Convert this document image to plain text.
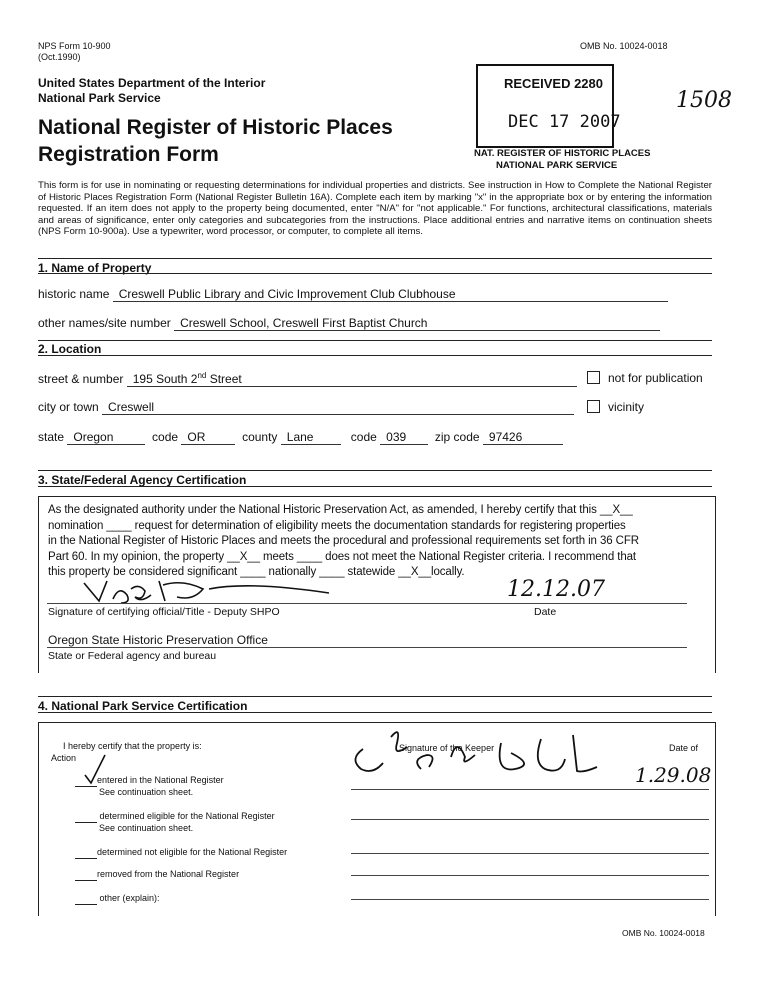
NPS Form 10-900
(Oct.1990)
OMB No. 10024-0018
United States Department of the Interior
National Park Service
National Register of Historic Places
Registration Form
1508
RECEIVED 2280
DEC 17 2007
NAT. REGISTER OF HISTORIC PLACES
NATIONAL PARK SERVICE
This form is for use in nominating or requesting determinations for individual properties and districts. See instruction in How to Complete the National Register of Historic Places Registration Form (National Register Bulletin 16A). Complete each item by marking "x" in the appropriate box or by entering the information requested. If an item does not apply to the property being documented, enter "N/A" for "not applicable." For functions, architectural classifications, materials and areas of significance, enter only categories and subcategories from the instructions. Place additional entries and narrative items on continuation sheets (NPS Form 10-900a). Use a typewriter, word processor, or computer, to complete all items.
1. Name of Property
historic name Creswell Public Library and Civic Improvement Club Clubhouse
other names/site number Creswell School, Creswell First Baptist Church
2. Location
street & number 195 South 2nd Street	not for publication
city or town Creswell	vicinity
state Oregon	code OR	county Lane	code 039 zip code 97426
3. State/Federal Agency Certification
As the designated authority under the National Historic Preservation Act, as amended, I hereby certify that this __X__
nomination ____ request for determination of eligibility meets the documentation standards for registering properties
in the National Register of Historic Places and meets the procedural and professional requirements set forth in 36 CFR
Part 60. In my opinion, the property __X__ meets ____ does not meet the National Register criteria. I recommend that
this property be considered significant ____ nationally ____ statewide __X__locally.
12.12.07
Signature of certifying official/Title - Deputy SHPO	Date
Oregon State Historic Preservation Office
State or Federal agency and bureau
4. National Park Service Certification
I hereby certify that the property is:
Action
Signature of the Keeper	Date of
1.29.08
entered in the National Register
See continuation sheet.
determined eligible for the National Register
See continuation sheet.
determined not eligible for the National Register
removed from the National Register
other (explain):
OMB No. 10024-0018
